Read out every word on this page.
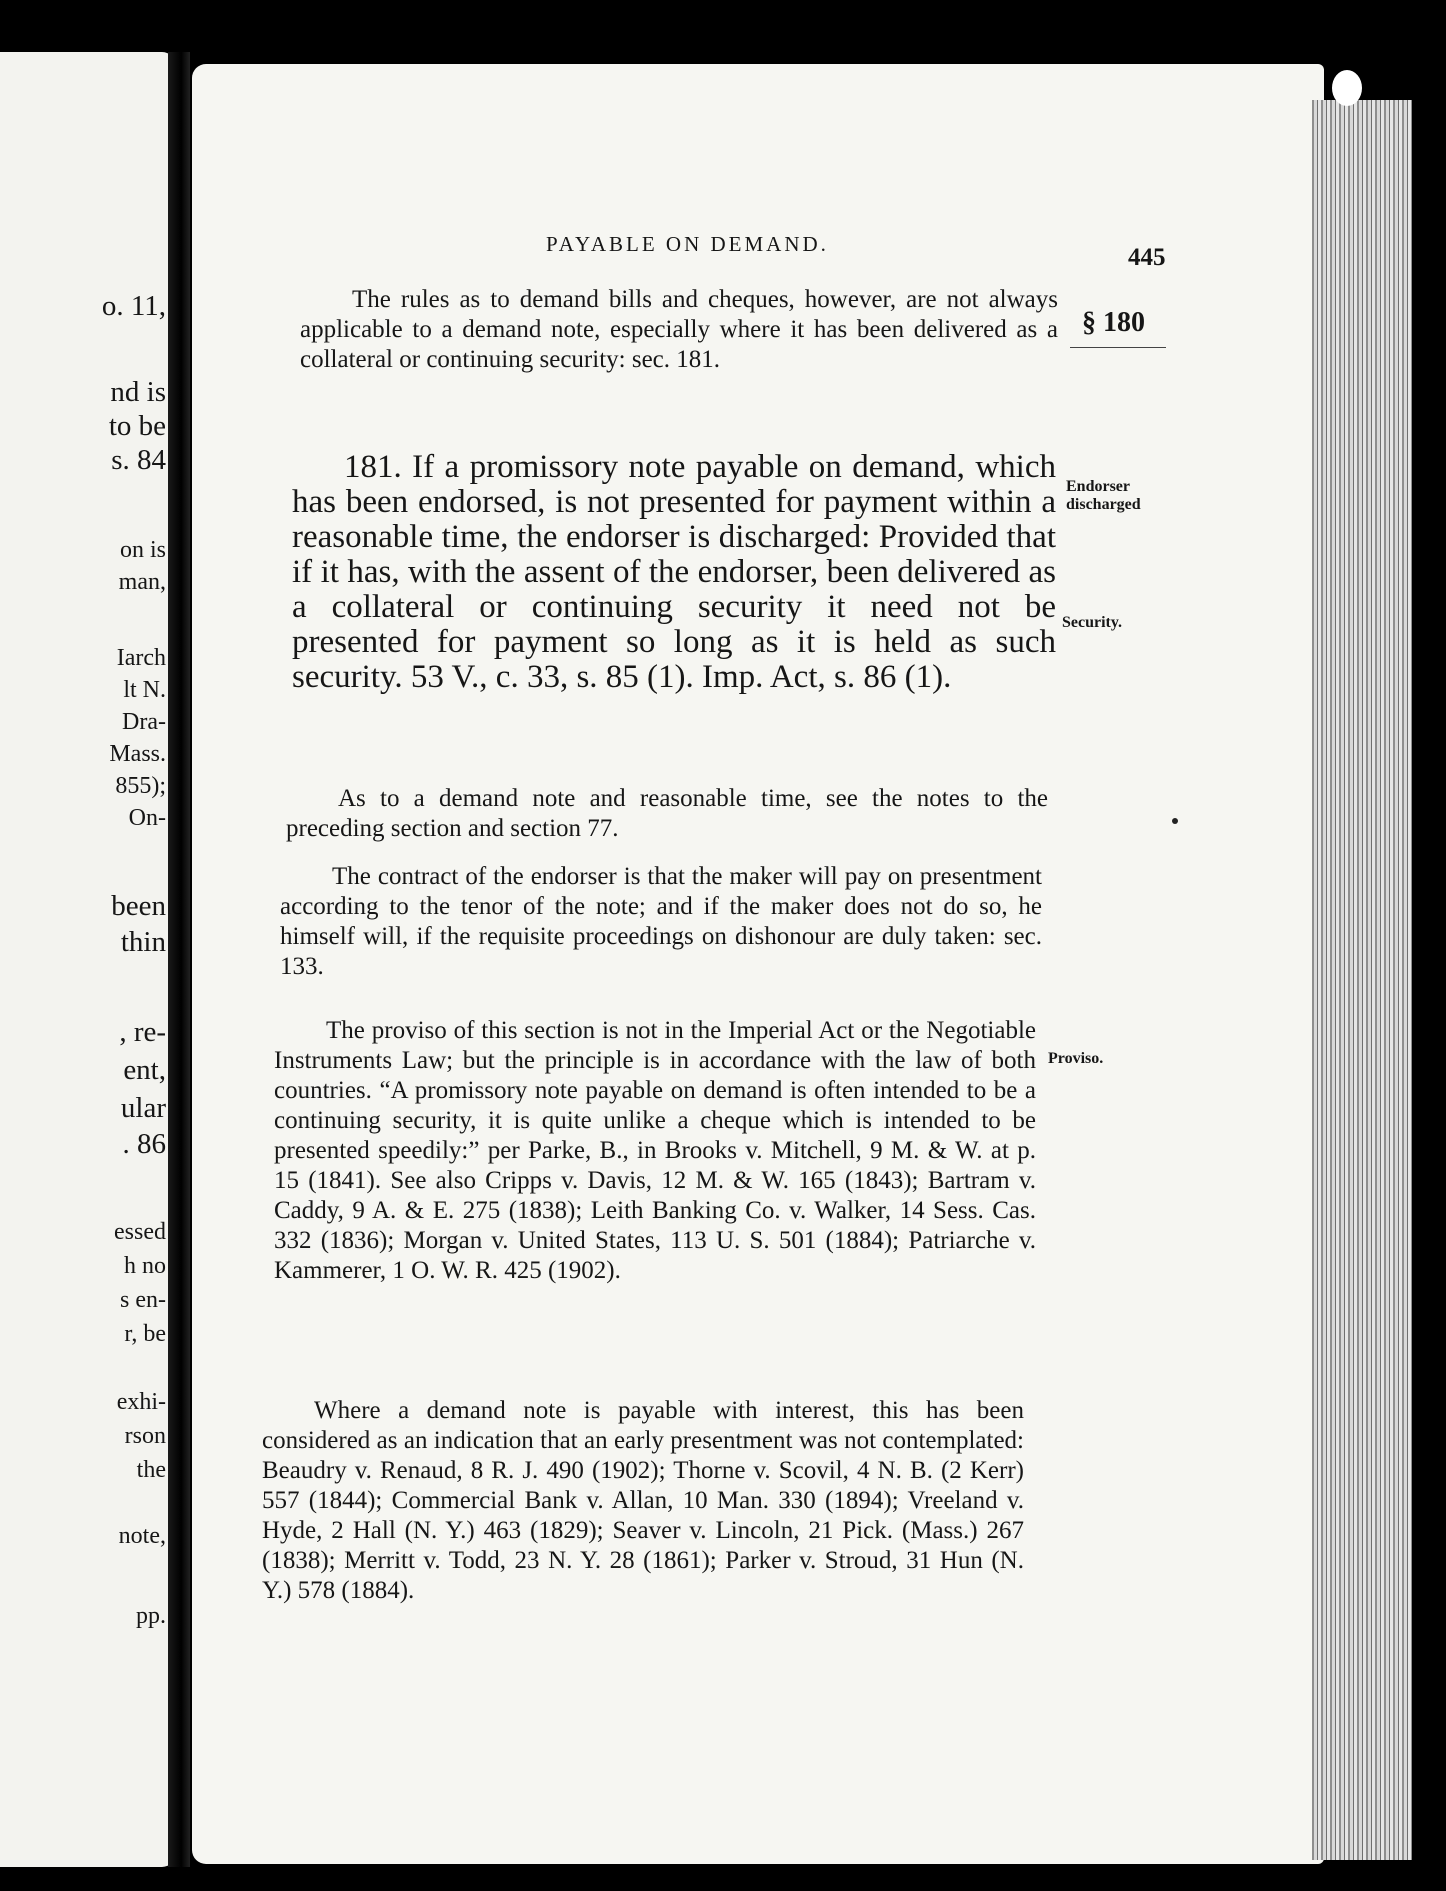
o. 11,
nd is
to be
s. 84
on is
man,
Iarch
lt N.
Dra-
Mass.
855);
On-
been
thin
, re-
ent,
ular
. 86
essed
h no
s en-
r, be
exhi-
rson
the
note,
pp.
PAYABLE ON DEMAND.	445
§ 180

The rules as to demand bills and cheques, however, are not always applicable to a demand note, especially where it has been delivered as a collateral or continuing security: sec. 181.

181. If a promissory note payable on demand, which has been endorsed, is not presented for payment within a reasonable time, the endorser is discharged: Provided that if it has, with the assent of the endorser, been delivered as a collateral or continuing security it need not be presented for payment so long as it is held as such security. 53 V., c. 33, s. 85 (1). Imp. Act, s. 86 (1).

As to a demand note and reasonable time, see the notes to the preceding section and section 77.

The contract of the endorser is that the maker will pay on presentment according to the tenor of the note; and if the maker does not do so, he himself will, if the requisite proceedings on dishonour are duly taken: sec. 133.

The proviso of this section is not in the Imperial Act or the Negotiable Instruments Law; but the principle is in accordance with the law of both countries. “A promissory note payable on demand is often intended to be a continuing security, it is quite unlike a cheque which is intended to be presented speedily:” per Parke, B., in Brooks v. Mitchell, 9 M. & W. at p. 15 (1841). See also Cripps v. Davis, 12 M. & W. 165 (1843); Bartram v. Caddy, 9 A. & E. 275 (1838); Leith Banking Co. v. Walker, 14 Sess. Cas. 332 (1836); Morgan v. United States, 113 U. S. 501 (1884); Patriarche v. Kammerer, 1 O. W. R. 425 (1902).

Where a demand note is payable with interest, this has been considered as an indication that an early presentment was not contemplated: Beaudry v. Renaud, 8 R. J. 490 (1902); Thorne v. Scovil, 4 N. B. (2 Kerr) 557 (1844); Commercial Bank v. Allan, 10 Man. 330 (1894); Vreeland v. Hyde, 2 Hall (N. Y.) 463 (1829); Seaver v. Lincoln, 21 Pick. (Mass.) 267 (1838); Merritt v. Todd, 23 N. Y. 28 (1861); Parker v. Stroud, 31 Hun (N. Y.) 578 (1884).

Endorser
discharged
Security.
Proviso.
